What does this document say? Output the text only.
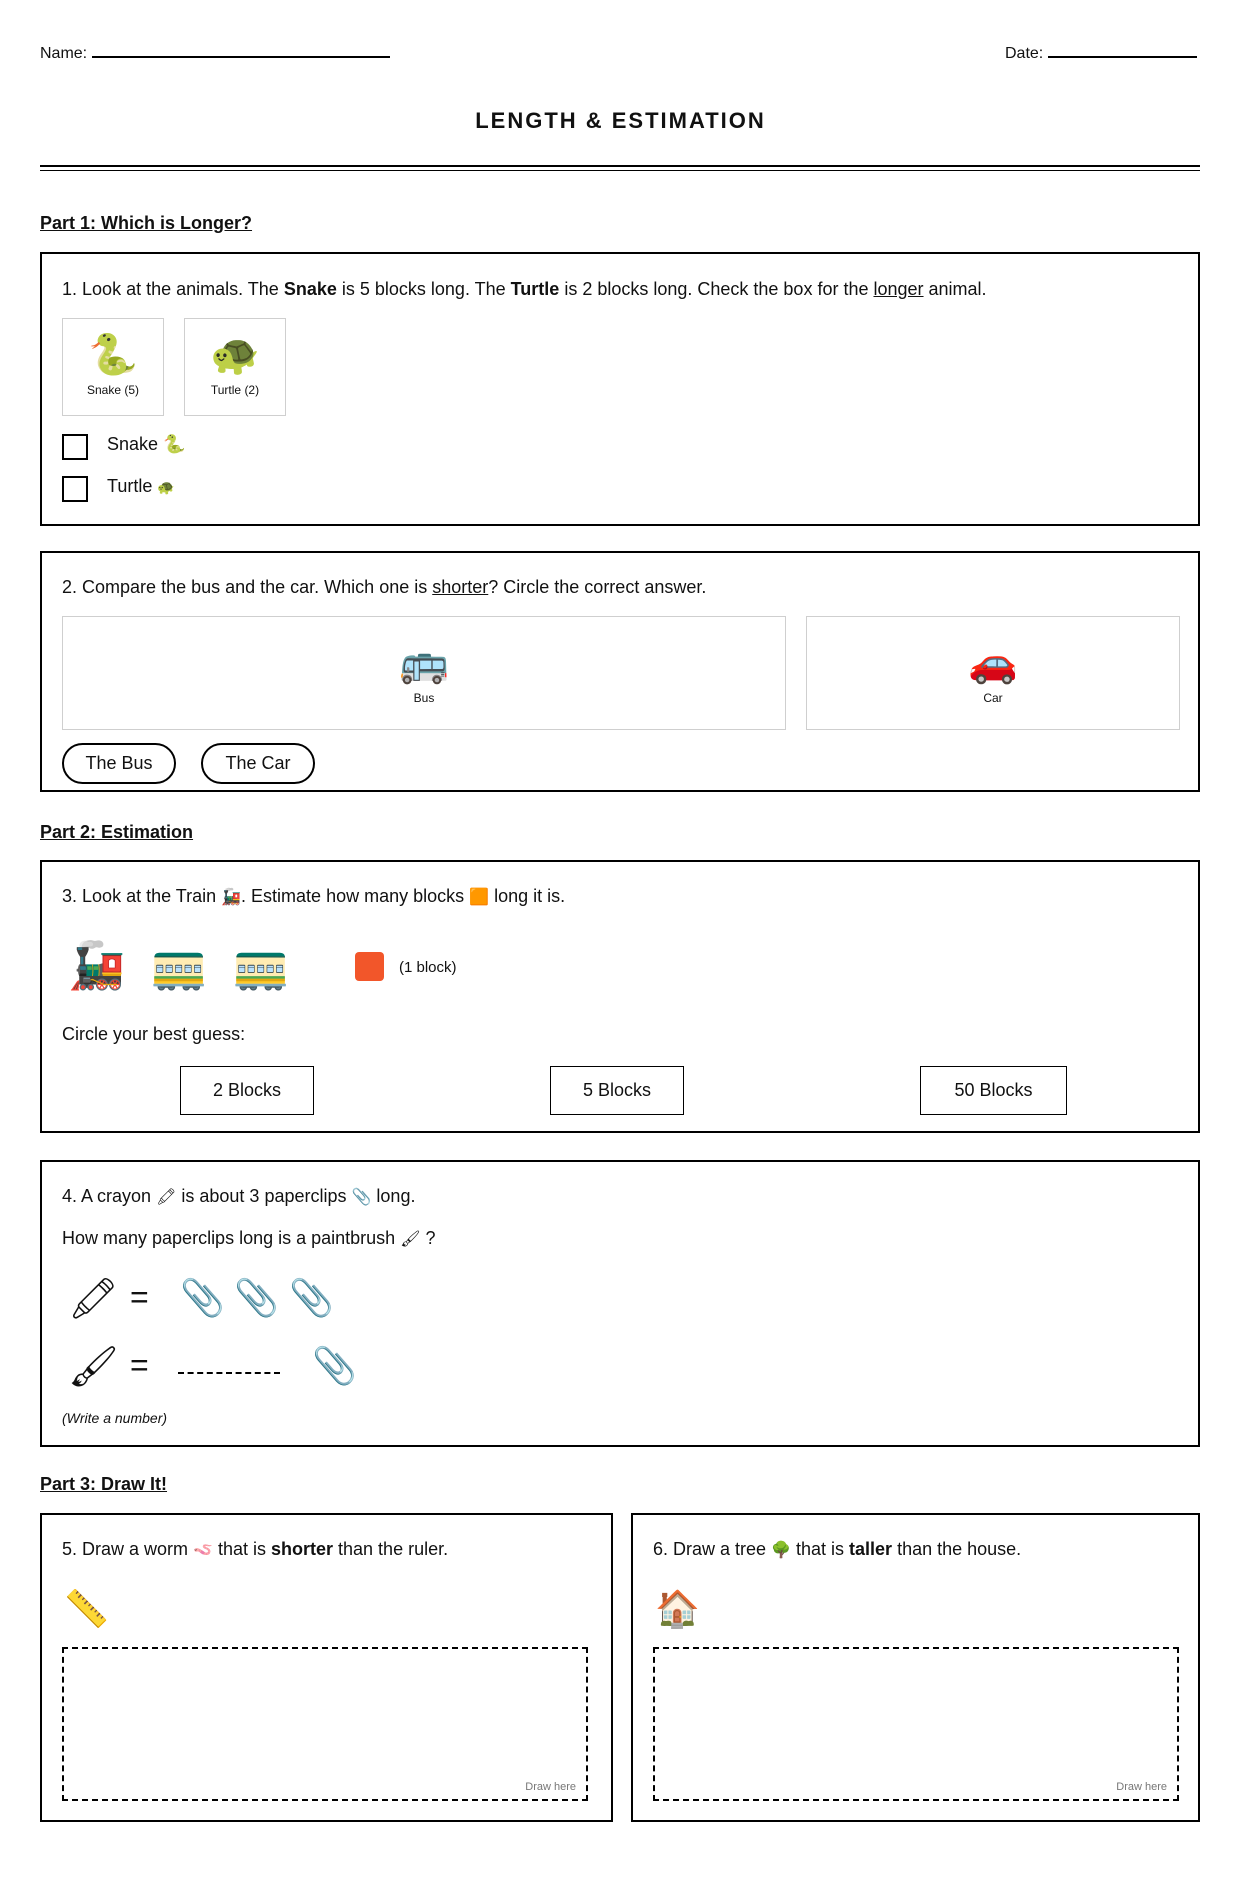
Name:	Date:
LENGTH & ESTIMATION
Part 1: Which is Longer?
1. Look at the animals. The Snake is 5 blocks long. The Turtle is 2 blocks long. Check the box for the longer animal.
🐍
Snake (5)
🐢
Turtle (2)
Snake 🐍
Turtle 🐢
2. Compare the bus and the car. Which one is shorter? Circle the correct answer.
🚌
Bus
🚗
Car
The Bus	The Car
Part 2: Estimation
3. Look at the Train 🚂. Estimate how many blocks 🟧 long it is.
🚂 🚃 🚃	(1 block)
Circle your best guess:
2 Blocks	5 Blocks	50 Blocks
4. A crayon 🖍 is about 3 paperclips 📎 long.
How many paperclips long is a paintbrush 🖌 ?
🖍 = 📎 📎 📎
🖌 =	📎
(Write a number)
Part 3: Draw It!
5. Draw a worm 🪱 that is shorter than the ruler.
📏
Draw here
6. Draw a tree 🌳 that is taller than the house.
🏠
Draw here
